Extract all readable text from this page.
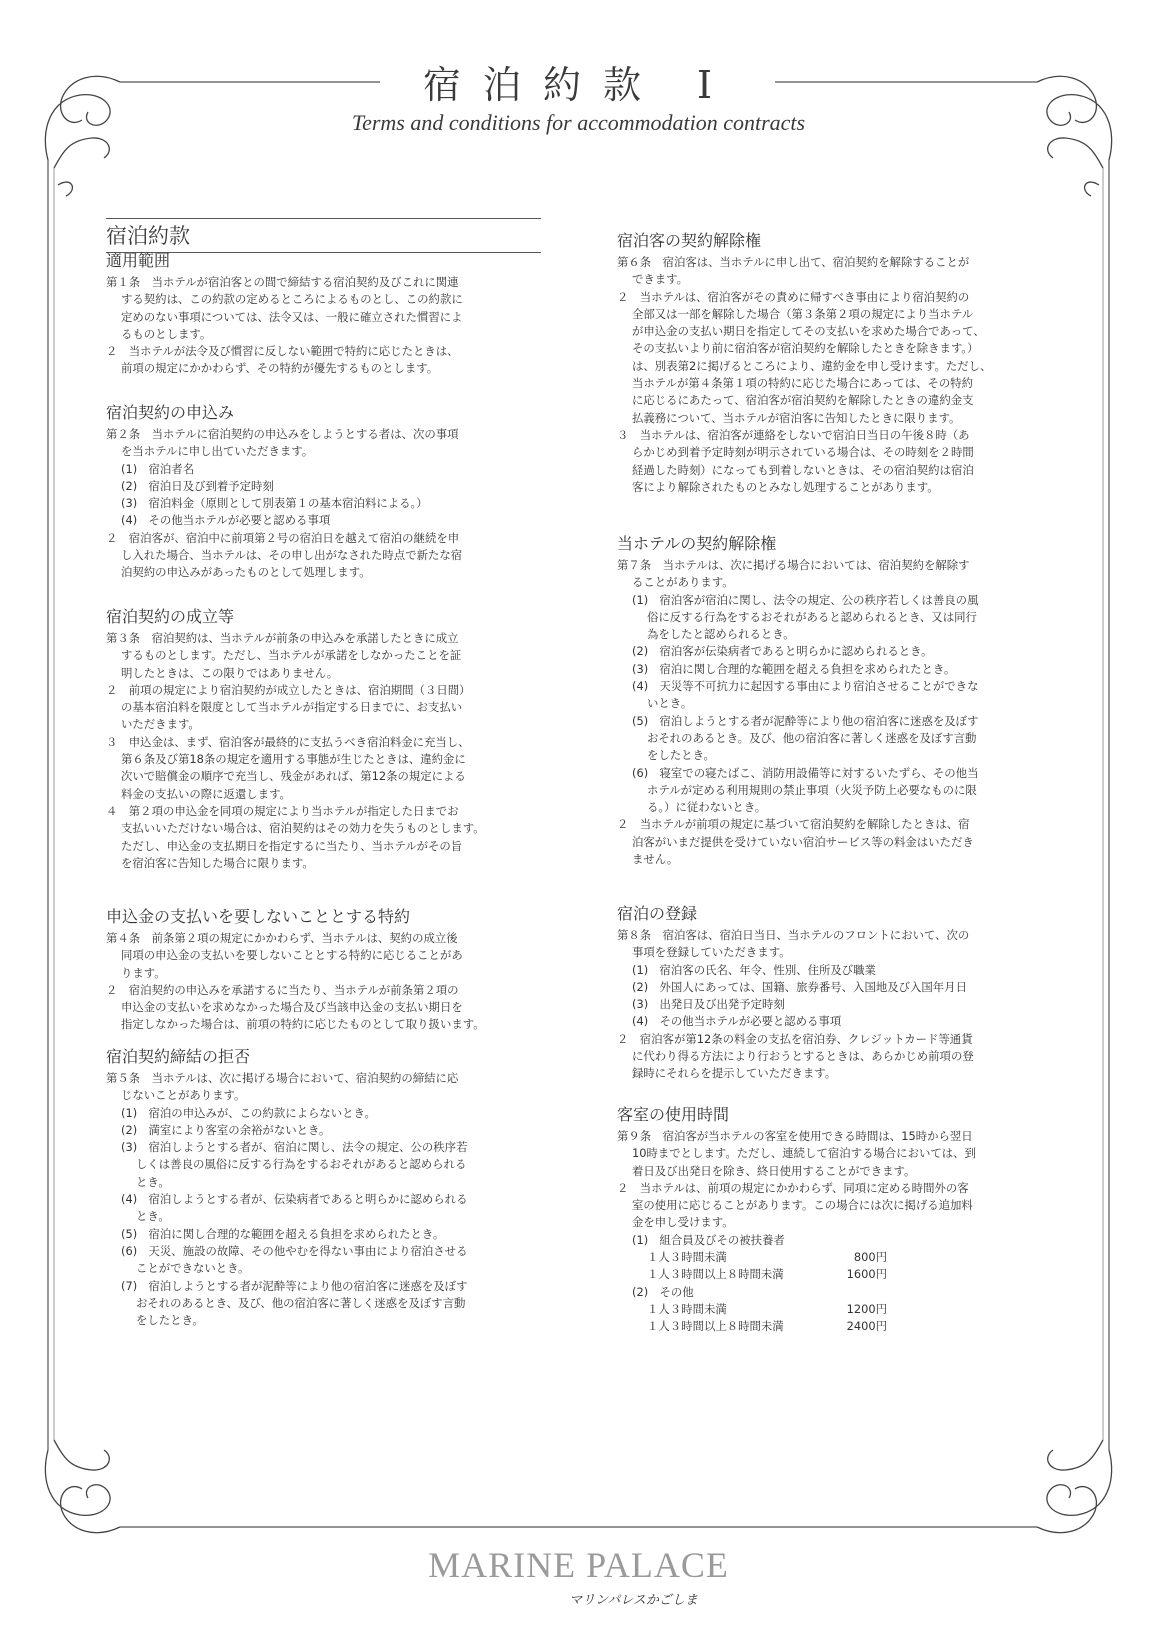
宿泊約款 Ⅰ
Terms and conditions for accommodation contracts
宿泊約款
MARINE PALACE
マリンパレスかごしま
適用範囲
第１条　当ホテルが宿泊客との間で締結する宿泊契約及びこれに関連
する契約は、この約款の定めるところによるものとし、この約款に
定めのない事項については、法令又は、一般に確立された慣習によ
るものとします。
２　当ホテルが法令及び慣習に反しない範囲で特約に応じたときは、
前項の規定にかかわらず、その特約が優先するものとします。
宿泊契約の申込み
第２条　当ホテルに宿泊契約の申込みをしようとする者は、次の事項
を当ホテルに申し出ていただきます。
(1)　宿泊者名
(2)　宿泊日及び到着予定時刻
(3)　宿泊料金（原則として別表第１の基本宿泊料による。）
(4)　その他当ホテルが必要と認める事項
２　宿泊客が、宿泊中に前項第２号の宿泊日を越えて宿泊の継続を申
し入れた場合、当ホテルは、その申し出がなされた時点で新たな宿
泊契約の申込みがあったものとして処理します。
宿泊契約の成立等
第３条　宿泊契約は、当ホテルが前条の申込みを承諾したときに成立
するものとします。ただし、当ホテルが承諾をしなかったことを証
明したときは、この限りではありません。
２　前項の規定により宿泊契約が成立したときは、宿泊期間（３日間）
の基本宿泊料を限度として当ホテルが指定する日までに、お支払い
いただきます。
３　申込金は、まず、宿泊客が最終的に支払うべき宿泊料金に充当し、
第６条及び第18条の規定を適用する事態が生じたときは、違約金に
次いで賠償金の順序で充当し、残金があれば、第12条の規定による
料金の支払いの際に返還します。
４　第２項の申込金を同項の規定により当ホテルが指定した日までお
支払いいただけない場合は、宿泊契約はその効力を失うものとします。
ただし、申込金の支払期日を指定するに当たり、当ホテルがその旨
を宿泊客に告知した場合に限ります。
申込金の支払いを要しないこととする特約
第４条　前条第２項の規定にかかわらず、当ホテルは、契約の成立後
同項の申込金の支払いを要しないこととする特約に応じることがあ
ります。
２　宿泊契約の申込みを承諾するに当たり、当ホテルが前条第２項の
申込金の支払いを求めなかった場合及び当該申込金の支払い期日を
指定しなかった場合は、前項の特約に応じたものとして取り扱います。
宿泊契約締結の拒否
第５条　当ホテルは、次に掲げる場合において、宿泊契約の締結に応
じないことがあります。
(1)　宿泊の申込みが、この約款によらないとき。
(2)　満室により客室の余裕がないとき。
(3)　宿泊しようとする者が、宿泊に関し、法令の規定、公の秩序若
しくは善良の風俗に反する行為をするおそれがあると認められる
とき。
(4)　宿泊しようとする者が、伝染病者であると明らかに認められる
とき。
(5)　宿泊に関し合理的な範囲を超える負担を求められたとき。
(6)　天災、施設の故障、その他やむを得ない事由により宿泊させる
ことができないとき。
(7)　宿泊しようとする者が泥酔等により他の宿泊客に迷惑を及ぼす
おそれのあるとき、及び、他の宿泊客に著しく迷惑を及ぼす言動
をしたとき。
宿泊客の契約解除権
第６条　宿泊客は、当ホテルに申し出て、宿泊契約を解除することが
できます。
２　当ホテルは、宿泊客がその責めに帰すべき事由により宿泊契約の
全部又は一部を解除した場合（第３条第２項の規定により当ホテル
が申込金の支払い期日を指定してその支払いを求めた場合であって、
その支払いより前に宿泊客が宿泊契約を解除したときを除きます。）
は、別表第2に掲げるところにより、違約金を申し受けます。ただし、
当ホテルが第４条第１項の特約に応じた場合にあっては、その特約
に応じるにあたって、宿泊客が宿泊契約を解除したときの違約金支
払義務について、当ホテルが宿泊客に告知したときに限ります。
３　当ホテルは、宿泊客が連絡をしないで宿泊日当日の午後８時（あ
らかじめ到着予定時刻が明示されている場合は、その時刻を２時間
経過した時刻）になっても到着しないときは、その宿泊契約は宿泊
客により解除されたものとみなし処理することがあります。
当ホテルの契約解除権
第７条　当ホテルは、次に掲げる場合においては、宿泊契約を解除す
ることがあります。
(1)　宿泊客が宿泊に関し、法令の規定、公の秩序若しくは善良の風
俗に反する行為をするおそれがあると認められるとき、又は同行
為をしたと認められるとき。
(2)　宿泊客が伝染病者であると明らかに認められるとき。
(3)　宿泊に関し合理的な範囲を超える負担を求められたとき。
(4)　天災等不可抗力に起因する事由により宿泊させることができな
いとき。
(5)　宿泊しようとする者が泥酔等により他の宿泊客に迷惑を及ぼす
おそれのあるとき。及び、他の宿泊客に著しく迷惑を及ぼす言動
をしたとき。
(6)　寝室での寝たばこ、消防用設備等に対するいたずら、その他当
ホテルが定める利用規則の禁止事項（火災予防上必要なものに限
る。）に従わないとき。
２　当ホテルが前項の規定に基づいて宿泊契約を解除したときは、宿
泊客がいまだ提供を受けていない宿泊サービス等の料金はいただき
ません。
宿泊の登録
第８条　宿泊客は、宿泊日当日、当ホテルのフロントにおいて、次の
事項を登録していただきます。
(1)　宿泊客の氏名、年令、性別、住所及び職業
(2)　外国人にあっては、国籍、旅券番号、入国地及び入国年月日
(3)　出発日及び出発予定時刻
(4)　その他当ホテルが必要と認める事項
２　宿泊客が第12条の料金の支払を宿泊券、クレジットカード等通貨
に代わり得る方法により行おうとするときは、あらかじめ前項の登
録時にそれらを提示していただきます。
客室の使用時間
第９条　宿泊客が当ホテルの客室を使用できる時間は、15時から翌日
10時までとします。ただし、連続して宿泊する場合においては、到
着日及び出発日を除き、終日使用することができます。
２　当ホテルは、前項の規定にかかわらず、同項に定める時間外の客
室の使用に応じることがあります。この場合には次に掲げる追加料
金を申し受けます。
(1)　組合員及びその被扶養者
１人３時間未満	800円
１人３時間以上８時間未満	1600円
(2)　その他
１人３時間未満	1200円
１人３時間以上８時間未満	2400円
